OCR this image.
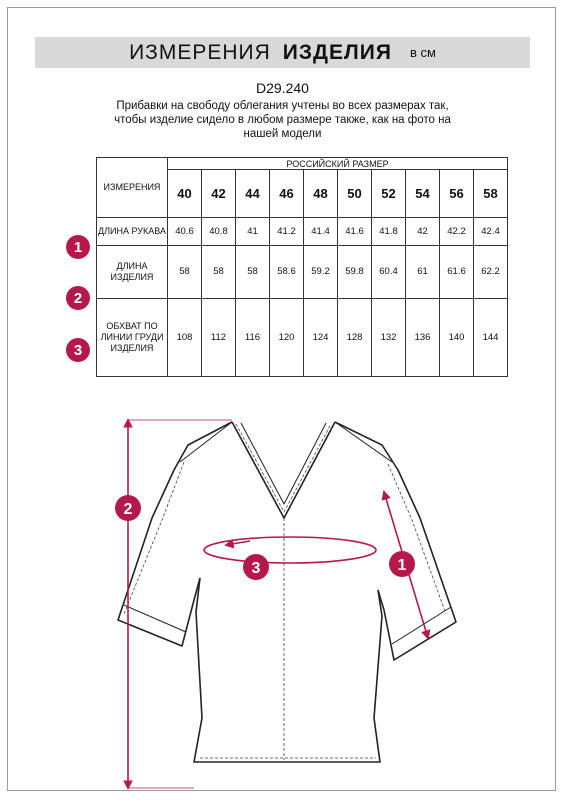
ИЗМЕРЕНИЯ ИЗДЕЛИЯ в см
D29.240
Прибавки на свободу облегания учтены во всех размерах так, чтобы изделие сидело в любом размере также, как на фото на нашей модели
ИЗМЕРЕНИЯ	РОССИЙСКИЙ РАЗМЕР									
	40	42	44	46	48	50	52	54	56	58
ДЛИНА РУКАВА	40.6	40.8	41	41.2	41.4	41.6	41.8	42	42.2	42.4
ДЛИНА ИЗДЕЛИЯ	58	58	58	58.6	59.2	59.8	60.4	61	61.6	62.2
ОБХВАТ ПО ЛИНИИ ГРУДИ ИЗДЕЛИЯ	108	112	116	120	124	128	132	136	140	144
1
2
3
2
3	1
